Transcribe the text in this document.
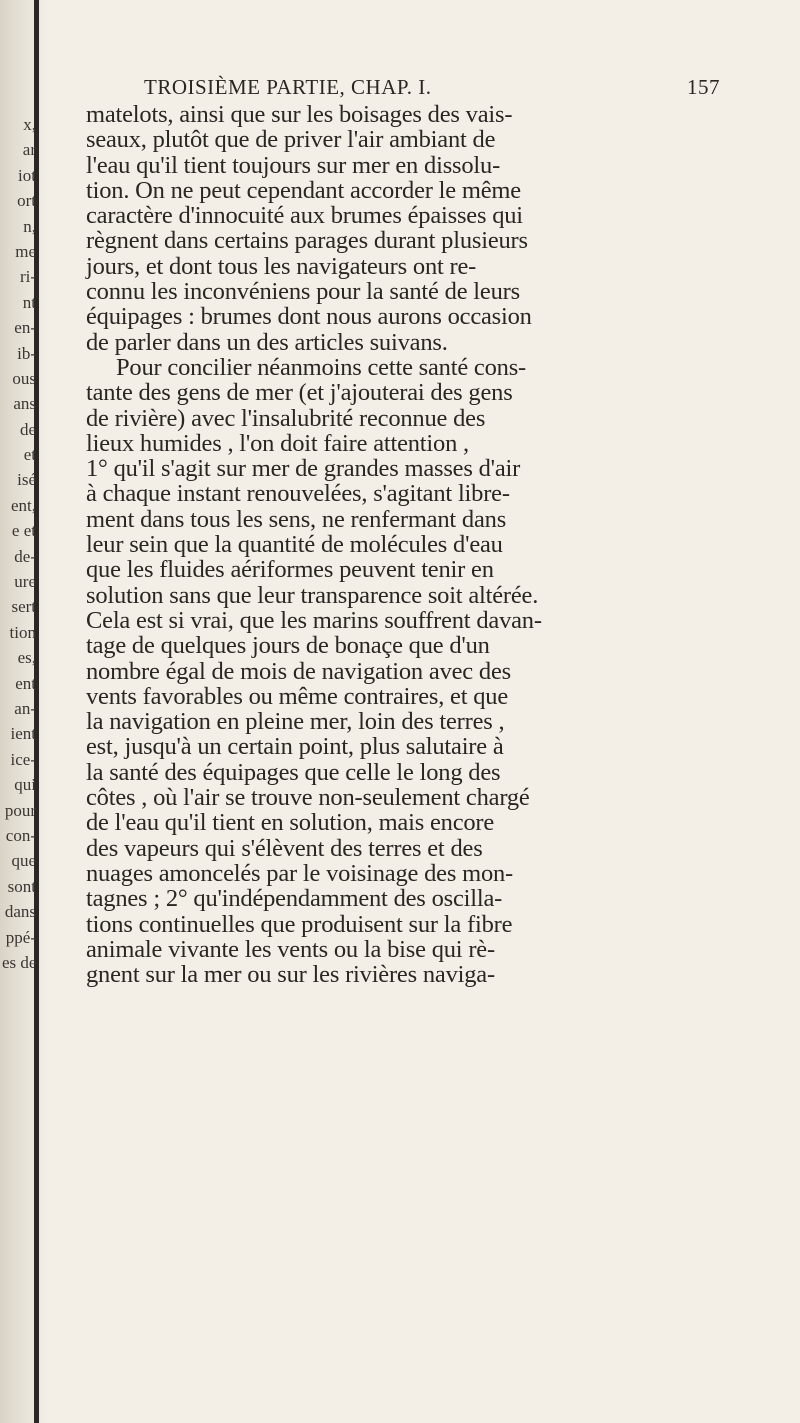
x,
ar
iot
ort
n,
me
ri-
nt
en-
ib-
ous
ans
de
et
isé
ent,
e et
de-
ure
sert
tion
es,
ent
an-
ient
ice-
qui
pour
con-
que
sont
dans
ppé-
es de
TROISIÈME PARTIE, CHAP. I.	157
matelots, ainsi que sur les boisages des vais-
seaux, plutôt que de priver l'air ambiant de
l'eau qu'il tient toujours sur mer en dissolu-
tion. On ne peut cependant accorder le même
caractère d'innocuité aux brumes épaisses qui
règnent dans certains parages durant plusieurs
jours, et dont tous les navigateurs ont re-
connu les inconvéniens pour la santé de leurs
équipages : brumes dont nous aurons occasion
de parler dans un des articles suivans.
Pour concilier néanmoins cette santé cons-
tante des gens de mer (et j'ajouterai des gens
de rivière) avec l'insalubrité reconnue des
lieux humides , l'on doit faire attention ,
1° qu'il s'agit sur mer de grandes masses d'air
à chaque instant renouvelées, s'agitant libre-
ment dans tous les sens, ne renfermant dans
leur sein que la quantité de molécules d'eau
que les fluides aériformes peuvent tenir en
solution sans que leur transparence soit altérée.
Cela est si vrai, que les marins souffrent davan-
tage de quelques jours de bonaçe que d'un
nombre égal de mois de navigation avec des
vents favorables ou même contraires, et que
la navigation en pleine mer, loin des terres ,
est, jusqu'à un certain point, plus salutaire à
la santé des équipages que celle le long des
côtes , où l'air se trouve non-seulement chargé
de l'eau qu'il tient en solution, mais encore
des vapeurs qui s'élèvent des terres et des
nuages amoncelés par le voisinage des mon-
tagnes ; 2° qu'indépendamment des oscilla-
tions continuelles que produisent sur la fibre
animale vivante les vents ou la bise qui rè-
gnent sur la mer ou sur les rivières naviga-
